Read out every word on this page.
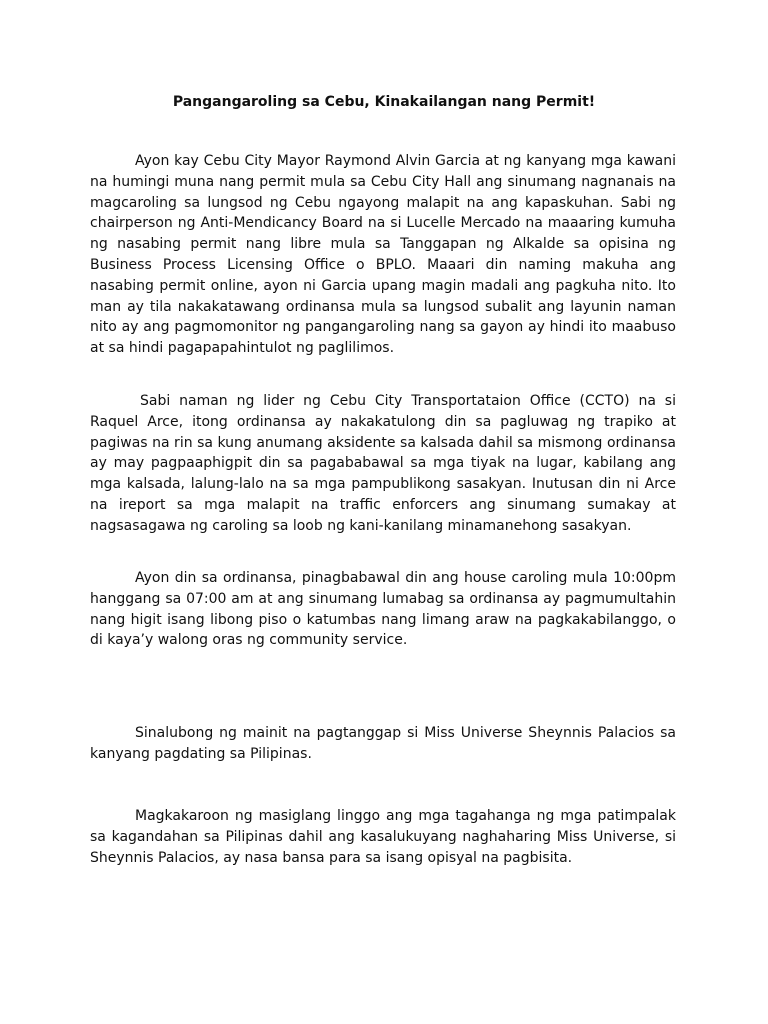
Pangangaroling sa Cebu, Kinakailangan nang Permit!

Ayon kay Cebu City Mayor Raymond Alvin Garcia at ng kanyang mga kawani na humingi muna nang permit mula sa Cebu City Hall ang sinumang nagnanais na magcaroling sa lungsod ng Cebu ngayong malapit na ang kapaskuhan. Sabi ng chairperson ng Anti-Mendicancy Board na si Lucelle Mercado na maaaring kumuha ng nasabing permit nang libre mula sa Tanggapan ng Alkalde sa opisina ng Business Process Licensing Office o BPLO. Maaari din naming makuha ang nasabing permit online, ayon ni Garcia upang magin madali ang pagkuha nito. Ito man ay tila nakakatawang ordinansa mula sa lungsod subalit ang layunin naman nito ay ang pagmomonitor ng pangangaroling nang sa gayon ay hindi ito maabuso at sa hindi pagapapahintulot ng paglilimos.

Sabi naman ng lider ng Cebu City Transportataion Office (CCTO) na si Raquel Arce, itong ordinansa ay nakakatulong din sa pagluwag ng trapiko at pagiwas na rin sa kung anumang aksidente sa kalsada dahil sa mismong ordinansa ay may pagpaaphigpit din sa pagababawal sa mga tiyak na lugar, kabilang ang mga kalsada, lalung-lalo na sa mga pampublikong sasakyan. Inutusan din ni Arce na ireport sa mga malapit na traffic enforcers ang sinumang sumakay at nagsasagawa ng caroling sa loob ng kani-kanilang minamanehong sasakyan.

Ayon din sa ordinansa, pinagbabawal din ang house caroling mula 10:00pm hanggang sa 07:00 am at ang sinumang lumabag sa ordinansa ay pagmumultahin nang higit isang libong piso o katumbas nang limang araw na pagkakabilanggo, o di kaya’y walong oras ng community service.

Sinalubong ng mainit na pagtanggap si Miss Universe Sheynnis Palacios sa kanyang pagdating sa Pilipinas.

Magkakaroon ng masiglang linggo ang mga tagahanga ng mga patimpalak sa kagandahan sa Pilipinas dahil ang kasalukuyang naghaharing Miss Universe, si Sheynnis Palacios, ay nasa bansa para sa isang opisyal na pagbisita.
